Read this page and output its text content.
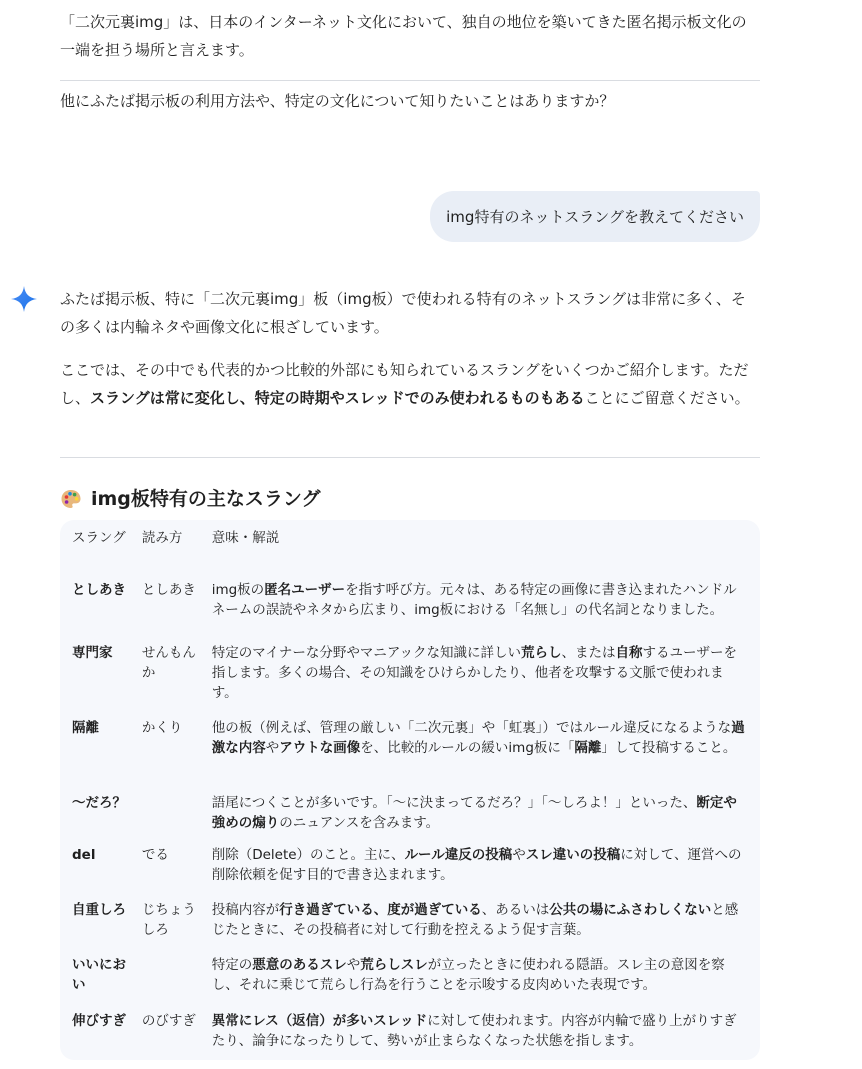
「二次元裏img」は、日本のインターネット文化において、独自の地位を築いてきた匿名掲示板文化の一端を担う場所と言えます。

他にふたば掲示板の利用方法や、特定の文化について知りたいことはありますか？

img特有のネットスラングを教えてください

ふたば掲示板、特に「二次元裏img」板（img板）で使われる特有のネットスラングは非常に多く、その多くは内輪ネタや画像文化に根ざしています。

ここでは、その中でも代表的かつ比較的外部にも知られているスラングをいくつかご紹介します。ただし、スラングは常に変化し、特定の時期やスレッドでのみ使われるものもあることにご留意ください。

img板特有の主なスラング
スラング	読み方	意味・解説
としあき	としあき	img板の匿名ユーザーを指す呼び方。元々は、ある特定の画像に書き込まれたハンドルネームの誤読やネタから広まり、img板における「名無し」の代名詞となりました。
専門家	せんもんか	特定のマイナーな分野やマニアックな知識に詳しい荒らし、または自称するユーザーを指します。多くの場合、その知識をひけらかしたり、他者を攻撃する文脈で使われます。
隔離	かくり	他の板（例えば、管理の厳しい「二次元裏」や「虹裏」）ではルール違反になるような過激な内容やアウトな画像を、比較的ルールの緩いimg板に「隔離」して投稿すること。
〜だろ？		語尾につくことが多いです。「〜に決まってるだろ？」「〜しろよ！」といった、断定や強めの煽りのニュアンスを含みます。
del	でる	削除（Delete）のこと。主に、ルール違反の投稿やスレ違いの投稿に対して、運営への削除依頼を促す目的で書き込まれます。
自重しろ	じちょうしろ	投稿内容が行き過ぎている、度が過ぎている、あるいは公共の場にふさわしくないと感じたときに、その投稿者に対して行動を控えるよう促す言葉。
いいにおい		特定の悪意のあるスレや荒らしスレが立ったときに使われる隠語。スレ主の意図を察し、それに乗じて荒らし行為を行うことを示唆する皮肉めいた表現です。
伸びすぎ	のびすぎ	異常にレス（返信）が多いスレッドに対して使われます。内容が内輪で盛り上がりすぎたり、論争になったりして、勢いが止まらなくなった状態を指します。
